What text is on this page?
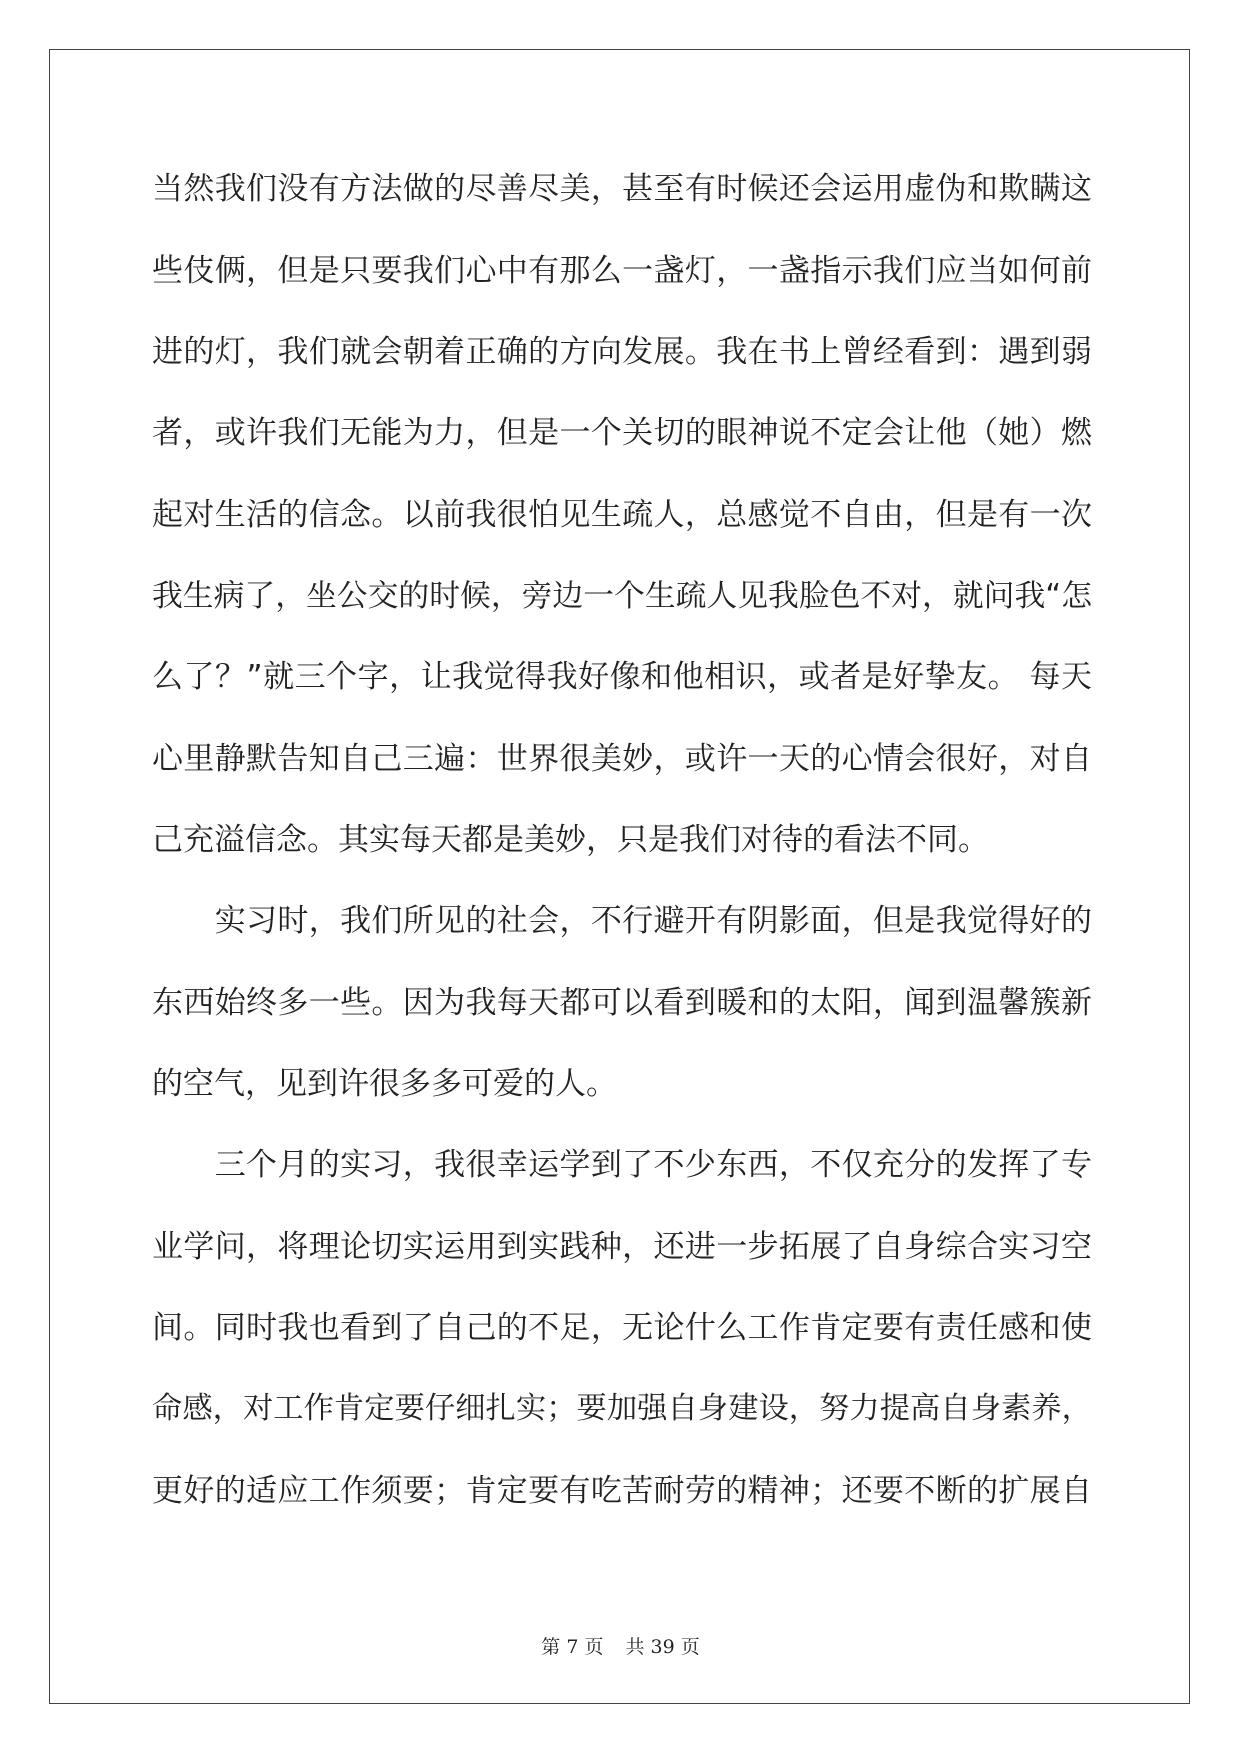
当然我们没有方法做的尽善尽美，甚至有时候还会运用虚伪和欺瞒这
些伎俩，但是只要我们心中有那么一盏灯，一盏指示我们应当如何前
进的灯，我们就会朝着正确的方向发展。我在书上曾经看到：遇到弱
者，或许我们无能为力，但是一个关切的眼神说不定会让他（她）燃
起对生活的信念。以前我很怕见生疏人，总感觉不自由，但是有一次
我生病了，坐公交的时候，旁边一个生疏人见我脸色不对，就问我“怎
么了？”就三个字，让我觉得我好像和他相识，或者是好挚友。 每天
心里静默告知自己三遍：世界很美妙，或许一天的心情会很好，对自
己充溢信念。其实每天都是美妙，只是我们对待的看法不同。
　　实习时，我们所见的社会，不行避开有阴影面，但是我觉得好的
东西始终多一些。因为我每天都可以看到暖和的太阳，闻到温馨簇新
的空气，见到许很多多可爱的人。
　　三个月的实习，我很幸运学到了不少东西，不仅充分的发挥了专
业学问，将理论切实运用到实践种，还进一步拓展了自身综合实习空
间。同时我也看到了自己的不足，无论什么工作肯定要有责任感和使
命感，对工作肯定要仔细扎实；要加强自身建设，努力提高自身素养，
更好的适应工作须要；肯定要有吃苦耐劳的精神；还要不断的扩展自
第 7 页 共 39 页
